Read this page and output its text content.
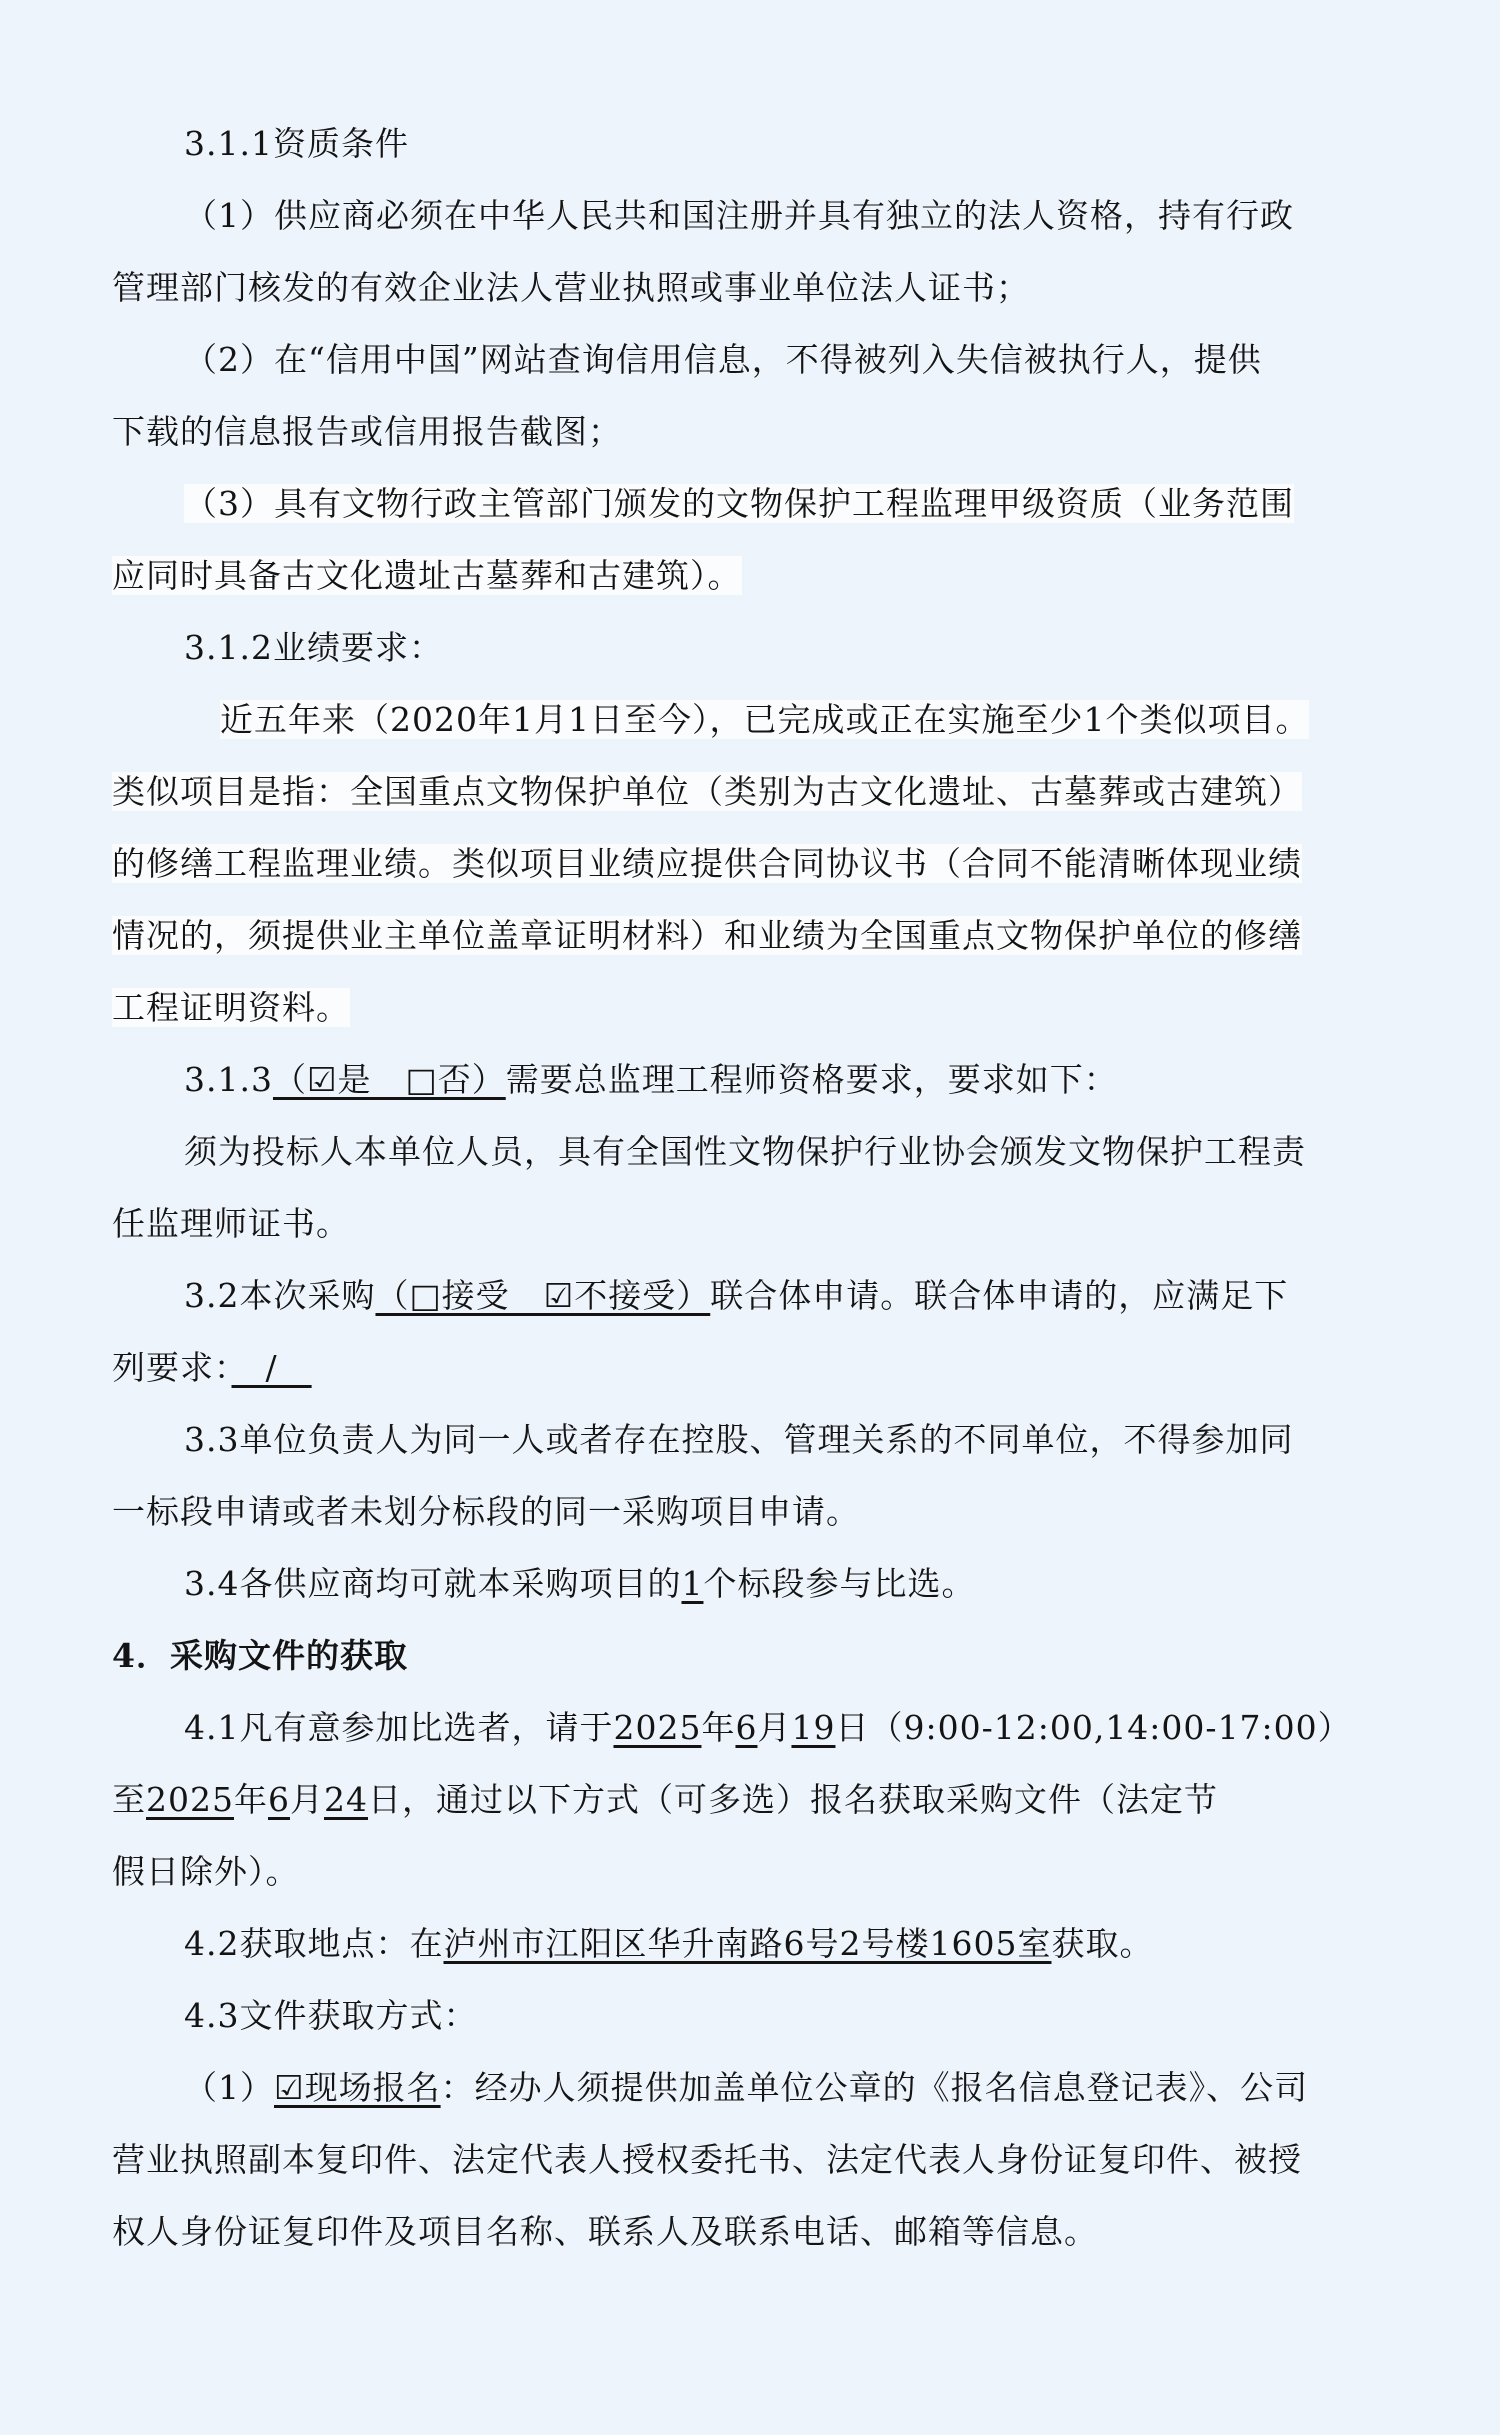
3.1.1资质条件

（1）供应商必须在中华人民共和国注册并具有独立的法人资格，持有行政

管理部门核发的有效企业法人营业执照或事业单位法人证书；

（2）在“信用中国”网站查询信用信息，不得被列入失信被执行人，提供

下载的信息报告或信用报告截图；

（3）具有文物行政主管部门颁发的文物保护工程监理甲级资质（业务范围

应同时具备古文化遗址古墓葬和古建筑）。

3.1.2业绩要求：

近五年来（2020年1月1日至今），已完成或正在实施至少1个类似项目。

类似项目是指：全国重点文物保护单位（类别为古文化遗址、古墓葬或古建筑）

的修缮工程监理业绩。类似项目业绩应提供合同协议书（合同不能清晰体现业绩

情况的，须提供业主单位盖章证明材料）和业绩为全国重点文物保护单位的修缮

工程证明资料。

3.1.3（☑是　□否）需要总监理工程师资格要求，要求如下：

须为投标人本单位人员，具有全国性文物保护行业协会颁发文物保护工程责

任监理师证书。

3.2本次采购（□接受　☑不接受）联合体申请。联合体申请的，应满足下

列要求：　/　

3.3单位负责人为同一人或者存在控股、管理关系的不同单位，不得参加同

一标段申请或者未划分标段的同一采购项目申请。

3.4各供应商均可就本采购项目的1个标段参与比选。

4．采购文件的获取

4.1凡有意参加比选者，请于2025年6月19日（9:00-12:00,14:00-17:00）

至2025年6月24日，通过以下方式（可多选）报名获取采购文件（法定节

假日除外）。

4.2获取地点：在泸州市江阳区华升南路6号2号楼1605室获取。

4.3文件获取方式：

（1）☑现场报名：经办人须提供加盖单位公章的《报名信息登记表》、公司

营业执照副本复印件、法定代表人授权委托书、法定代表人身份证复印件、被授

权人身份证复印件及项目名称、联系人及联系电话、邮箱等信息。
